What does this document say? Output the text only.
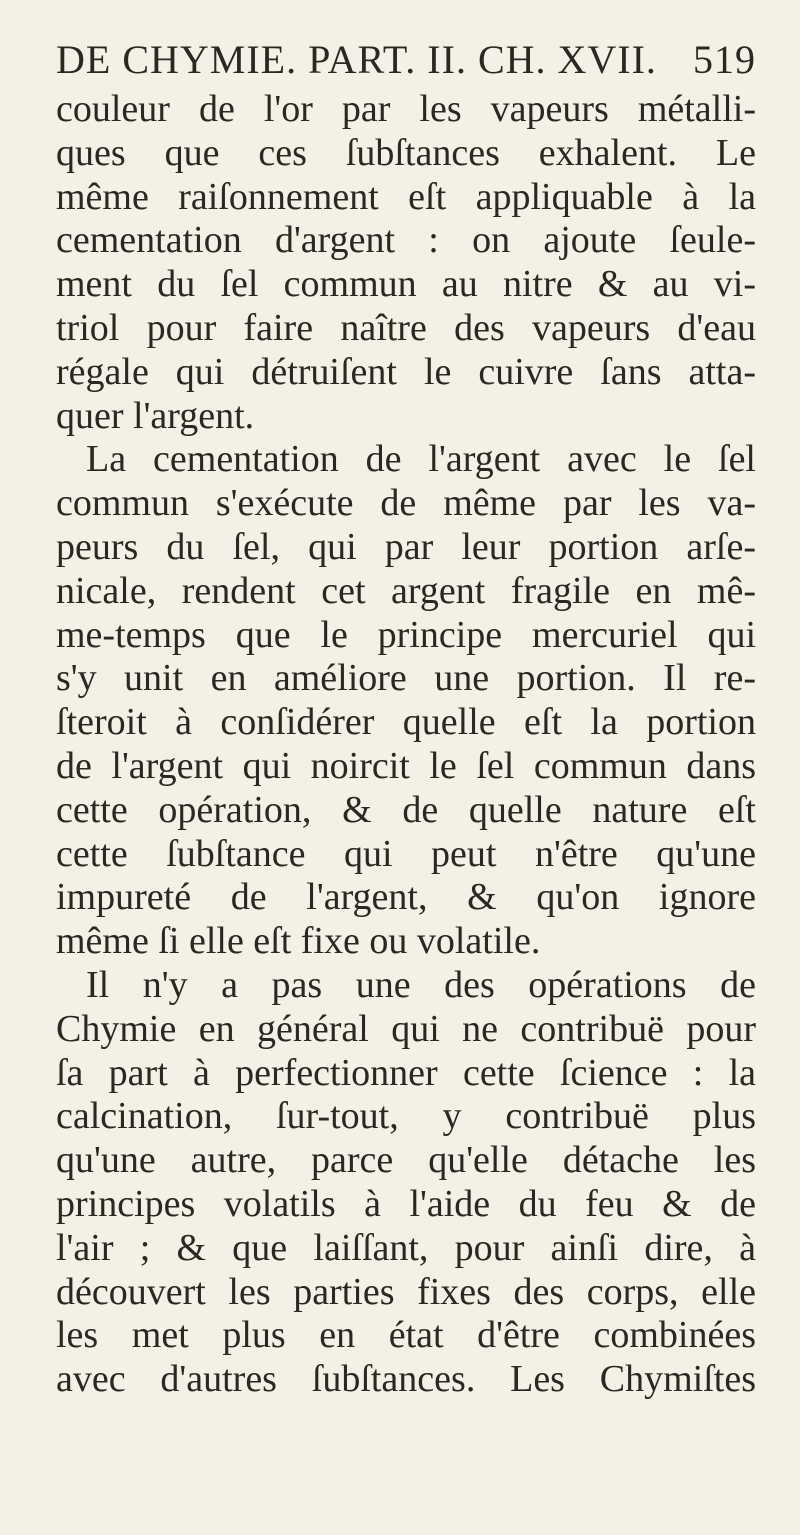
DE CHYMIE. PART. II. CH. XVII. 519
couleur de l'or par les vapeurs métalli-
ques que ces ſubſtances exhalent. Le
même raiſonnement eſt appliquable à la
cementation d'argent : on ajoute ſeule-
ment du ſel commun au nitre & au vi-
triol pour faire naître des vapeurs d'eau
régale qui détruiſent le cuivre ſans atta-
quer l'argent.
La cementation de l'argent avec le ſel
commun s'exécute de même par les va-
peurs du ſel, qui par leur portion arſe-
nicale, rendent cet argent fragile en mê-
me-temps que le principe mercuriel qui
s'y unit en améliore une portion. Il re-
ſteroit à conſidérer quelle eſt la portion
de l'argent qui noircit le ſel commun dans
cette opération, & de quelle nature eſt
cette ſubſtance qui peut n'être qu'une
impureté de l'argent, & qu'on ignore
même ſi elle eſt fixe ou volatile.
Il n'y a pas une des opérations de
Chymie en général qui ne contribuë pour
ſa part à perfectionner cette ſcience : la
calcination, ſur-tout, y contribuë plus
qu'une autre, parce qu'elle détache les
principes volatils à l'aide du feu & de
l'air ; & que laiſſant, pour ainſi dire, à
découvert les parties fixes des corps, elle
les met plus en état d'être combinées
avec d'autres ſubſtances. Les Chymiſtes
